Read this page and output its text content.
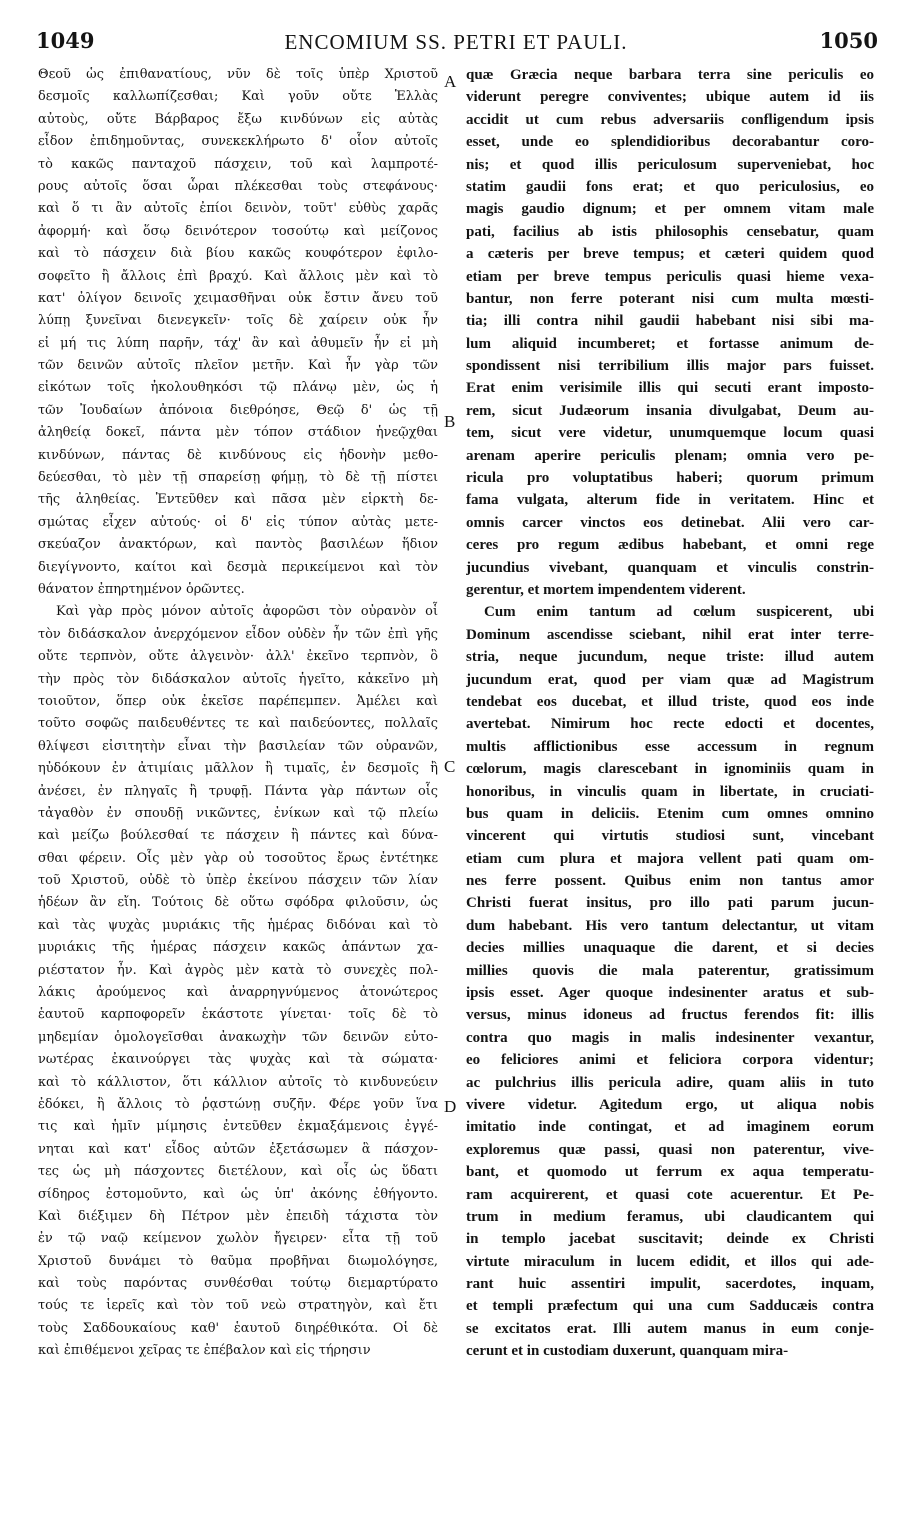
1049	ENCOMIUM SS. PETRI ET PAULI.	1050
Θεοῦ ὡς ἐπιθανατίους, νῦν δὲ τοῖς ὑπὲρ Χριστοῦ
δεσμοῖς καλλωπίζεσθαι; Καὶ γοῦν οὔτε Ἑλλὰς
αὐτοὺς, οὔτε Βάρβαρος ἔξω κινδύνων εἰς αὐτὰς
εἶδον ἐπιδημοῦντας, συνεκεκλήρωτο δ' οἷον αὐτοῖς
τὸ κακῶς πανταχοῦ πάσχειν, τοῦ καὶ λαμπροτέ-
ρους αὐτοῖς ὅσαι ὧραι πλέκεσθαι τοὺς στεφάνους·
καὶ ὅ τι ἂν αὐτοῖς ἐπίοι δεινὸν, τοῦτ' εὐθὺς χαρᾶς
ἀφορμή· καὶ ὅσῳ δεινότερον τοσούτῳ καὶ μείζονος
καὶ τὸ πάσχειν διὰ βίου κακῶς κουφότερον ἐφιλο-
σοφεῖτο ἢ ἄλλοις ἐπὶ βραχύ. Καὶ ἄλλοις μὲν καὶ τὸ
κατ' ὀλίγον δεινοῖς χειμασθῆναι οὐκ ἔστιν ἄνευ τοῦ
λύπῃ ξυνεῖναι διενεγκεῖν· τοῖς δὲ χαίρειν οὐκ ἦν
εἰ μή τις λύπη παρῆν, τάχ' ἂν καὶ ἀθυμεῖν ἦν εἰ μὴ
τῶν δεινῶν αὐτοῖς πλεῖον μετῆν. Καὶ ἦν γὰρ τῶν
εἰκότων τοῖς ἠκολουθηκόσι τῷ πλάνῳ μὲν, ὡς ἡ
τῶν Ἰουδαίων ἀπόνοια διεθρόησε, Θεῷ δ' ὡς τῇ
ἀληθείᾳ δοκεῖ, πάντα μὲν τόπον στάδιον ἡνεῷχθαι
κινδύνων, πάντας δὲ κινδύνους εἰς ἡδονὴν μεθο-
δεύεσθαι, τὸ μὲν τῇ σπαρείσῃ φήμῃ, τὸ δὲ τῇ πίστει
τῆς ἀληθείας. Ἐντεῦθεν καὶ πᾶσα μὲν εἱρκτὴ δε-
σμώτας εἶχεν αὐτούς· οἱ δ' εἰς τύπον αὐτὰς μετε-
σκεύαζον ἀνακτόρων, καὶ παντὸς βασιλέων ἥδιον
διεγίγνοντο, καίτοι καὶ δεσμὰ περικείμενοι καὶ τὸν
θάνατον ἐπηρτημένον ὁρῶντες.
Καὶ γὰρ πρὸς μόνον αὐτοῖς ἀφορῶσι τὸν οὐρανὸν οἷ
τὸν διδάσκαλον ἀνερχόμενον εἶδον οὐδὲν ἦν τῶν ἐπὶ γῆς
οὔτε τερπνὸν, οὔτε ἀλγεινὸν· ἀλλ' ἐκεῖνο τερπνὸν, ὃ
τὴν πρὸς τὸν διδάσκαλον αὐτοῖς ἡγεῖτο, κἀκεῖνο μὴ
τοιοῦτον, ὅπερ οὐκ ἐκεῖσε παρέπεμπεν. Ἀμέλει καὶ
τοῦτο σοφῶς παιδευθέντες τε καὶ παιδεύοντες, πολλαῖς
θλίψεσι εἰσιτητὴν εἶναι τὴν βασιλείαν τῶν οὐρανῶν,
ηὐδόκουν ἐν ἀτιμίαις μᾶλλον ἢ τιμαῖς, ἐν δεσμοῖς ἢ
ἀνέσει, ἐν πληγαῖς ἢ τρυφῇ. Πάντα γὰρ πάντων οἷς
τἀγαθὸν ἐν σπουδῇ νικῶντες, ἐνίκων καὶ τῷ πλείω
καὶ μείζω βούλεσθαί τε πάσχειν ἢ πάντες καὶ δύνα-
σθαι φέρειν. Οἷς μὲν γὰρ οὐ τοσοῦτος ἔρως ἐντέτηκε
τοῦ Χριστοῦ, οὐδὲ τὸ ὑπὲρ ἐκείνου πάσχειν τῶν λίαν
ἡδέων ἂν εἴη. Τούτοις δὲ οὕτω σφόδρα φιλοῦσιν, ὡς
καὶ τὰς ψυχὰς μυριάκις τῆς ἡμέρας διδόναι καὶ τὸ
μυριάκις τῆς ἡμέρας πάσχειν κακῶς ἁπάντων χα-
ριέστατον ἦν. Καὶ ἀγρὸς μὲν κατὰ τὸ συνεχὲς πολ-
λάκις ἀρούμενος καὶ ἀναρρηγνύμενος ἀτονώτερος
ἑαυτοῦ καρποφορεῖν ἑκάστοτε γίνεται· τοῖς δὲ τὸ
μηδεμίαν ὁμολογεῖσθαι ἀνακωχὴν τῶν δεινῶν εὐτο-
νωτέρας ἐκαινούργει τὰς ψυχὰς καὶ τὰ σώματα·
καὶ τὸ κάλλιστον, ὅτι κάλλιον αὐτοῖς τὸ κινδυνεύειν
ἐδόκει, ἢ ἄλλοις τὸ ῥᾳστώνῃ συζῆν. Φέρε γοῦν ἵνα
τις καὶ ἡμῖν μίμησις ἐντεῦθεν ἐκμαξάμενοις ἐγγέ-
νηται καὶ κατ' εἶδος αὐτῶν ἐξετάσωμεν ἃ πάσχον-
τες ὡς μὴ πάσχοντες διετέλουν, καὶ οἷς ὡς ὕδατι
σίδηρος ἐστομοῦντο, καὶ ὡς ὑπ' ἀκόνης ἐθήγοντο.
Καὶ διέξιμεν δὴ Πέτρον μὲν ἐπειδὴ τάχιστα τὸν
ἐν τῷ ναῷ κείμενον χωλὸν ἤγειρεν· εἶτα τῇ τοῦ
Χριστοῦ δυνάμει τὸ θαῦμα προβῆναι διωμολόγησε,
καὶ τοὺς παρόντας συνθέσθαι τούτῳ διεμαρτύρατο
τούς τε ἱερεῖς καὶ τὸν τοῦ νεὼ στρατηγὸν, καὶ ἔτι
τοὺς Σαδδουκαίους καθ' ἑαυτοῦ διηρέθικότα. Οἱ δὲ
καὶ ἐπιθέμενοι χεῖρας τε ἐπέβαλον καὶ εἰς τήρησιν
quæ Græcia neque barbara terra sine periculis eo
viderunt peregre conviventes; ubique autem id iis
accidit ut cum rebus adversariis confligendum ipsis
esset, unde eo splendidioribus decorabantur coro-
nis; et quod illis periculosum superveniebat, hoc
statim gaudii fons erat; et quo periculosius, eo
magis gaudio dignum; et per omnem vitam male
pati, facilius ab istis philosophis censebatur, quam
a cæteris per breve tempus; et cæteri quidem quod
etiam per breve tempus periculis quasi hieme vexa-
bantur, non ferre poterant nisi cum multa mœsti-
tia; illi contra nihil gaudii habebant nisi sibi ma-
lum aliquid incumberet; et fortasse animum de-
spondissent nisi terribilium illis major pars fuisset.
Erat enim verisimile illis qui secuti erant imposto-
rem, sicut Judæorum insania divulgabat, Deum au-
tem, sicut vere videtur, unumquemque locum quasi
arenam aperire periculis plenam; omnia vero pe-
ricula pro voluptatibus haberi; quorum primum
fama vulgata, alterum fide in veritatem. Hinc et
omnis carcer vinctos eos detinebat. Alii vero car-
ceres pro regum ædibus habebant, et omni rege
jucundius vivebant, quanquam et vinculis constrin-
gerentur, et mortem impendentem viderent.
Cum enim tantum ad cœlum suspicerent, ubi
Dominum ascendisse sciebant, nihil erat inter terre-
stria, neque jucundum, neque triste: illud autem
jucundum erat, quod per viam quæ ad Magistrum
tendebat eos ducebat, et illud triste, quod eos inde
avertebat. Nimirum hoc recte edocti et docentes,
multis afflictionibus esse accessum in regnum
cœlorum, magis clarescebant in ignominiis quam in
honoribus, in vinculis quam in libertate, in cruciati-
bus quam in deliciis. Etenim cum omnes omnino
vincerent qui virtutis studiosi sunt, vincebant
etiam cum plura et majora vellent pati quam om-
nes ferre possent. Quibus enim non tantus amor
Christi fuerat insitus, pro illo pati parum jucun-
dum habebant. His vero tantum delectantur, ut vitam
decies millies unaquaque die darent, et si decies
millies quovis die mala paterentur, gratissimum
ipsis esset. Ager quoque indesinenter aratus et sub-
versus, minus idoneus ad fructus ferendos fit: illis
contra quo magis in malis indesinenter vexantur,
eo feliciores animi et feliciora corpora videntur;
ac pulchrius illis pericula adire, quam aliis in tuto
vivere videtur. Agitedum ergo, ut aliqua nobis
imitatio inde contingat, et ad imaginem eorum
exploremus quæ passi, quasi non paterentur, vive-
bant, et quomodo ut ferrum ex aqua temperatu-
ram acquirerent, et quasi cote acuerentur. Et Pe-
trum in medium feramus, ubi claudicantem qui
in templo jacebat suscitavit; deinde ex Christi
virtute miraculum in lucem edidit, et illos qui ade-
rant huic assentiri impulit, sacerdotes, inquam,
et templi præfectum qui una cum Sadducæis contra
se excitatos erat. Illi autem manus in eum conje-
cerunt et in custodiam duxerunt, quanquam mira-
A
B
C
D
